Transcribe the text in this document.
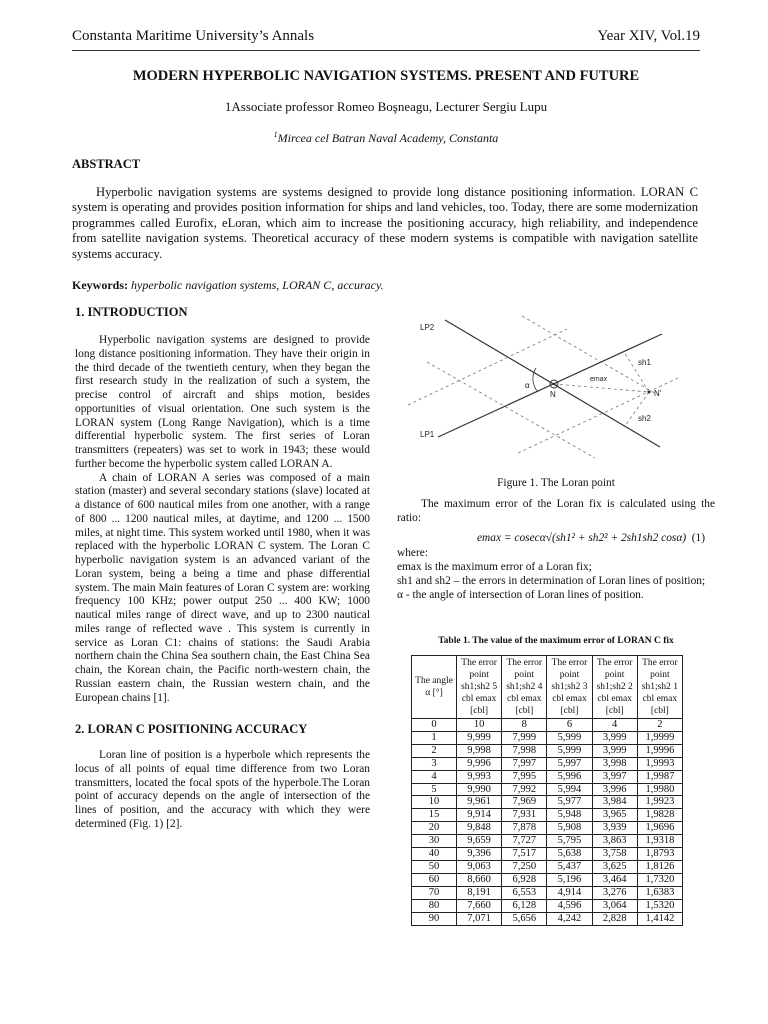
Constanta Maritime University’s Annals	Year XIV, Vol.19
MODERN HYPERBOLIC NAVIGATION SYSTEMS. PRESENT AND FUTURE
1Associate professor Romeo Boşneagu, Lecturer Sergiu Lupu
$^1$Mircea cel Batran Naval Academy, Constanta
ABSTRACT

Hyperbolic navigation systems are systems designed to provide long distance positioning information. LORAN C system is operating and provides position information for ships and land vehicles, too. Today, there are some modernization programmes called Eurofix, eLoran, which aim to increase the positioning accuracy, high reliability, and independence from satellite navigation systems. Theoretical accuracy of these modern systems is compatible with navigation satellite systems accuracy.

Keywords: hyperbolic navigation systems, LORAN C, accuracy.
1. INTRODUCTION

Hyperbolic navigation systems are designed to provide long distance positioning information. They have their origin in the third decade of the twentieth century, when they began the first research study in the realization of such a system, the precise control of aircraft and ships motion, besides opportunities of visual orientation. One such system is the LORAN system (Long Range Navigation), which is a time differential hyperbolic system. The first series of Loran transmitters (repeaters) was set to work in 1943; these would further become the hyperbolic system called LORAN A.

A chain of LORAN A series was composed of a main station (master) and several secondary stations (slave) located at a distance of 600 nautical miles from one another, with a range of 800 ... 1200 nautical miles, at daytime, and 1200 ... 1500 miles, at night time. This system worked until 1980, when it was replaced with the hyperbolic LORAN C system. The Loran C hyperbolic navigation system is an advanced variant of the Loran system, being a being a time and phase differential system. The main Main features of Loran C system are: working frequency 100 KHz; power output 250 ... 400 KW; 1000 nautical miles range of direct wave, and up to 2300 nautical miles range of reflected wave . This system is currently in service as Loran C1: chains of stations: the Saudi Arabia northern chain the China Sea southern chain, the East China Sea chain, the Korean chain, the Pacific north-western chain, the Russian eastern chain, the Russian western chain, and the European chains [1].

2. LORAN C POSITIONING ACCURACY

Loran line of position is a hyperbole which represents the locus of all points of equal time difference from two Loran transmitters, located the focal spots of the hyperbole.The Loran point of accuracy depends on the angle of intersection of the lines of position, and the accuracy with which they were determined (Fig. 1) [2].

LP2
LP1
α
N	N'
emax
sh1
sh2
Figure 1. The Loran point

The maximum error of the Loran fix is calculated using the ratio:

emax = cosecα√(sh1² + sh2² + 2sh1sh2 cosα) (1)
where:
emax is the maximum error of a Loran fix;
sh1 and sh2 – the errors in determination of Loran lines of position;
α - the angle of intersection of Loran lines of position.
Table 1. The value of the maximum error of LORAN C fix
The angle α [°]	The error point sh1;sh2 5 cbl emax [cbl]	The error point sh1;sh2 4 cbl emax [cbl]	The error point sh1;sh2 3 cbl emax [cbl]	The error point sh1;sh2 2 cbl emax [cbl]	The error point sh1;sh2 1 cbl emax [cbl]
0	10	8	6	4	2
1	9,999	7,999	5,999	3,999	1,9999
2	9,998	7,998	5,999	3,999	1,9996
3	9,996	7,997	5,997	3,998	1,9993
4	9,993	7,995	5,996	3,997	1,9987
5	9,990	7,992	5,994	3,996	1,9980
10	9,961	7,969	5,977	3,984	1,9923
15	9,914	7,931	5,948	3,965	1,9828
20	9,848	7,878	5,908	3,939	1,9696
30	9,659	7,727	5,795	3,863	1,9318
40	9,396	7,517	5,638	3,758	1,8793
50	9,063	7,250	5,437	3,625	1,8126
60	8,660	6,928	5,196	3,464	1,7320
70	8,191	6,553	4,914	3,276	1,6383
80	7,660	6,128	4,596	3,064	1,5320
90	7,071	5,656	4,242	2,828	1,4142
